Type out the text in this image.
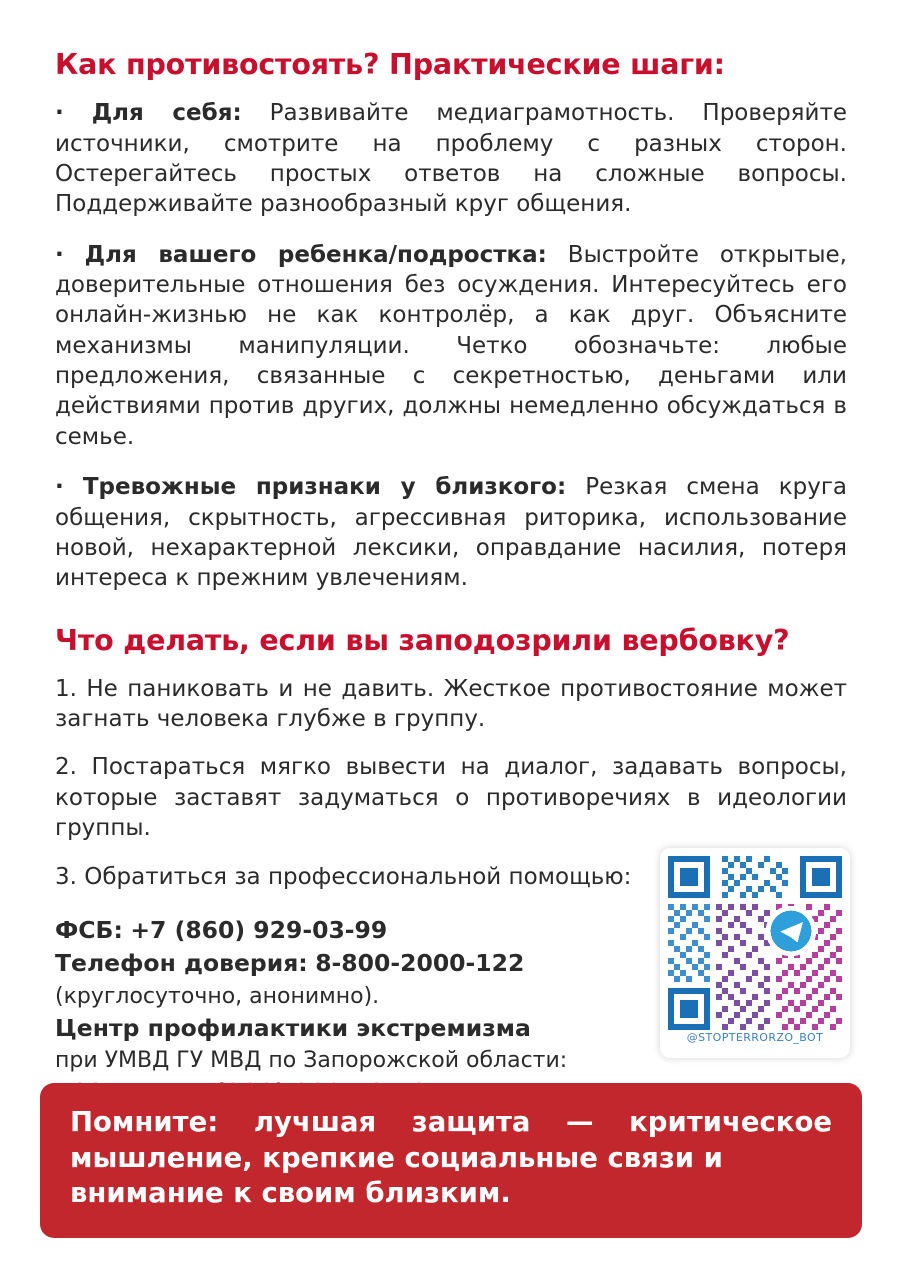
Как противостоять? Практические шаги:

· Для себя: Развивайте медиаграмотность. Проверяйте источники, смотрите на проблему с разных сторон. Остерегайтесь простых ответов на сложные вопросы. Поддерживайте разнообразный круг общения.

· Для вашего ребенка/подростка: Выстройте открытые, доверительные отношения без осуждения. Интересуйтесь его онлайн-жизнью не как контролёр, а как друг. Объясните механизмы манипуляции. Четко обозначьте: любые предложения, связанные с секретностью, деньгами или действиями против других, должны немедленно обсуждаться в семье.

· Тревожные признаки у близкого: Резкая смена круга общения, скрытность, агрессивная риторика, использование новой, нехарактерной лексики, оправдание насилия, потеря интереса к прежним увлечениям.

Что делать, если вы заподозрили вербовку?

1. Не паниковать и не давить. Жесткое противостояние может загнать человека глубже в группу.

2. Постараться мягко вывести на диалог, задавать вопросы, которые заставят задуматься о противоречиях в идеологии группы.

3. Обратиться за профессиональной помощью:

ФСБ: +7 (860) 929-03-99
Телефон доверия: 8-800-2000-122
(круглосуточно, анонимно).
Центр профилактики экстремизма
при УМВД ГУ МВД по Запорожской области:
@STOPTERRORZO_BOT

Помните: лучшая защита — критическое мышление, крепкие социальные связи и
внимание к своим близким.
